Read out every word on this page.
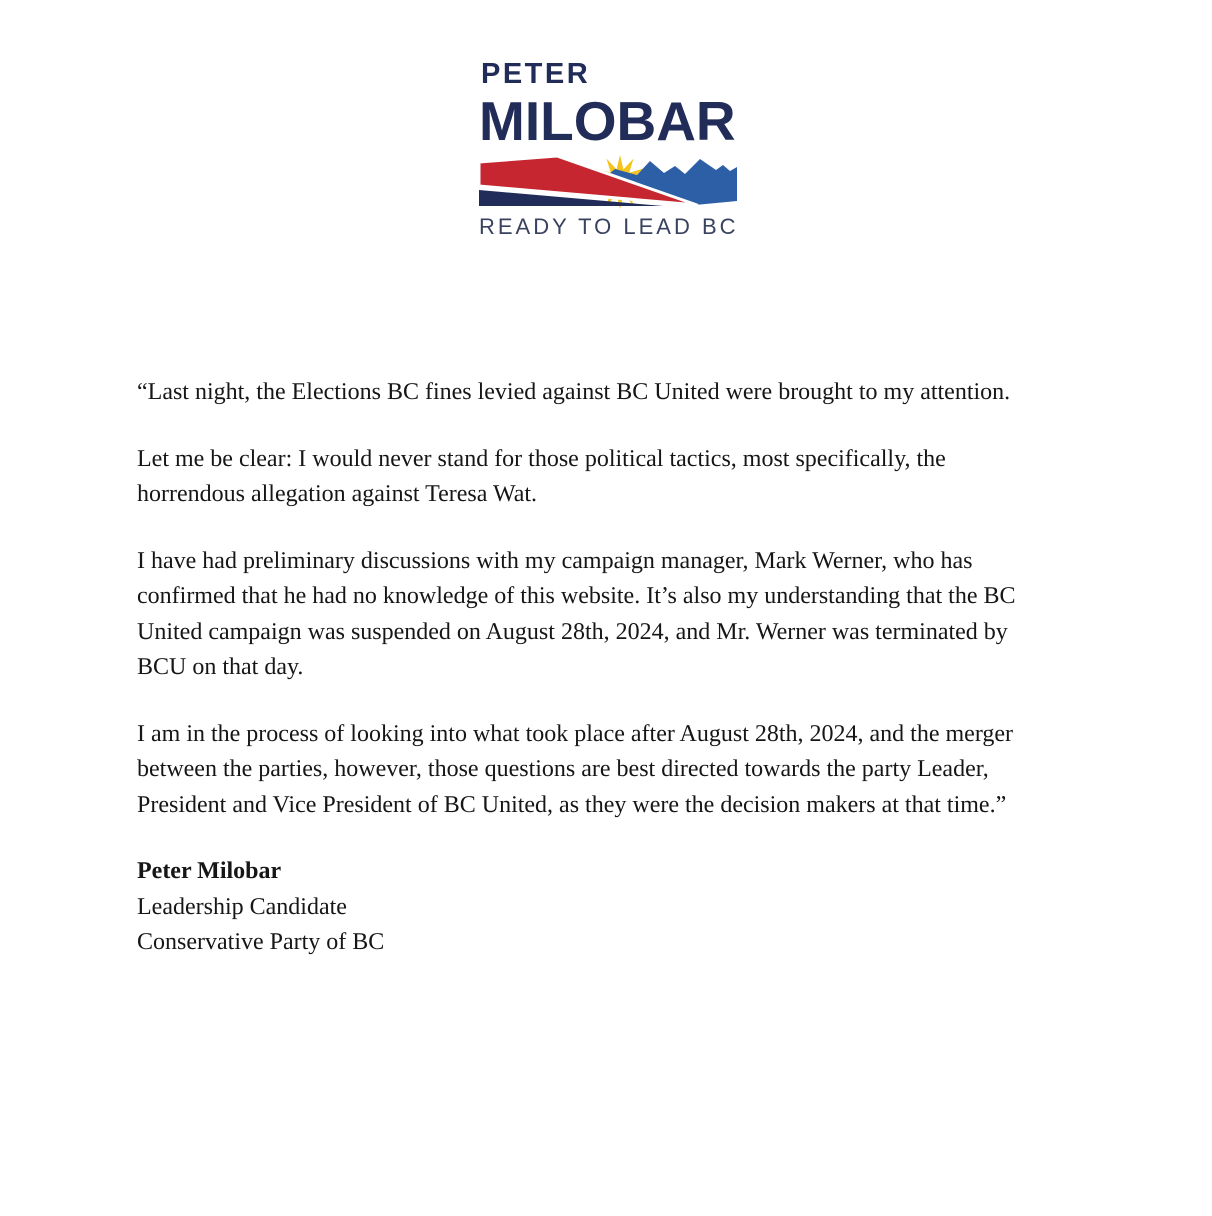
PETER
MILOBAR
READY TO LEAD BC

“Last night, the Elections BC fines levied against BC United were brought to my attention.

Let me be clear: I would never stand for those political tactics, most specifically, the horrendous allegation against Teresa Wat.

I have had preliminary discussions with my campaign manager, Mark Werner, who has confirmed that he had no knowledge of this website. It’s also my understanding that the BC United campaign was suspended on August 28th, 2024, and Mr. Werner was terminated by BCU on that day.

I am in the process of looking into what took place after August 28th, 2024, and the merger between the parties, however, those questions are best directed towards the party Leader, President and Vice President of BC United, as they were the decision makers at that time.”

Peter Milobar
Leadership Candidate
Conservative Party of BC
